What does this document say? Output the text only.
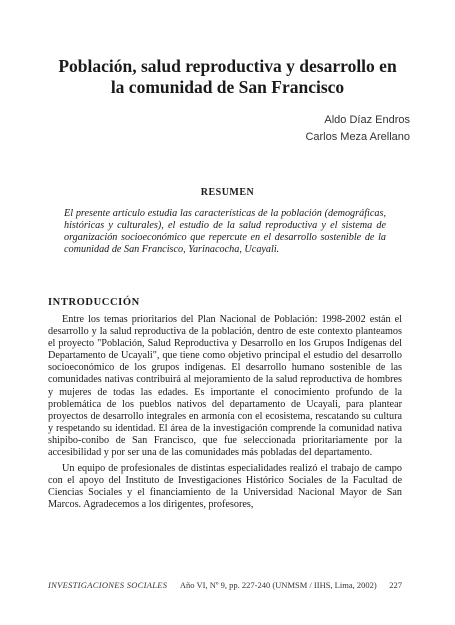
Población, salud reproductiva y desarrollo en
la comunidad de San Francisco
Aldo Díaz Endros
Carlos Meza Arellano
RESUMEN

El presente artículo estudia las características de la población (demográficas, históricas y culturales), el estudio de la salud reproductiva y el sistema de organización socioeconómico que repercute en el desarrollo sostenible de la comunidad de San Francisco, Yarinacocha, Ucayali.

INTRODUCCIÓN

Entre los temas prioritarios del Plan Nacional de Población: 1998-2002 están el desarrollo y la salud reproductiva de la población, dentro de este contexto planteamos el proyecto "Población, Salud Reproductiva y Desarrollo en los Grupos Indígenas del Departamento de Ucayali", que tiene como objetivo principal el estudio del desarrollo socioeconómico de los grupos indígenas. El desarrollo humano sostenible de las comunidades nativas contribuirá al mejoramiento de la salud reproductiva de hombres y mujeres de todas las edades. Es importante el conocimiento profundo de la problemática de los pueblos nativos del departamento de Ucayali, para plantear proyectos de desarrollo integrales en armonía con el ecosistema, rescatando su cultura y respetando su identidad. El área de la investigación comprende la comunidad nativa shipibo-conibo de San Francisco, que fue seleccionada prioritariamente por la accesibilidad y por ser una de las comunidades más pobladas del departamento.

Un equipo de profesionales de distintas especialidades realizó el trabajo de campo con el apoyo del Instituto de Investigaciones Histórico Sociales de la Facultad de Ciencias Sociales y el financiamiento de la Universidad Nacional Mayor de San Marcos. Agradecemos a los dirigentes, profesores,

INVESTIGACIONES SOCIALES Año VI, Nº 9, pp. 227-240 (UNMSM / IIHS, Lima, 2002) 227
